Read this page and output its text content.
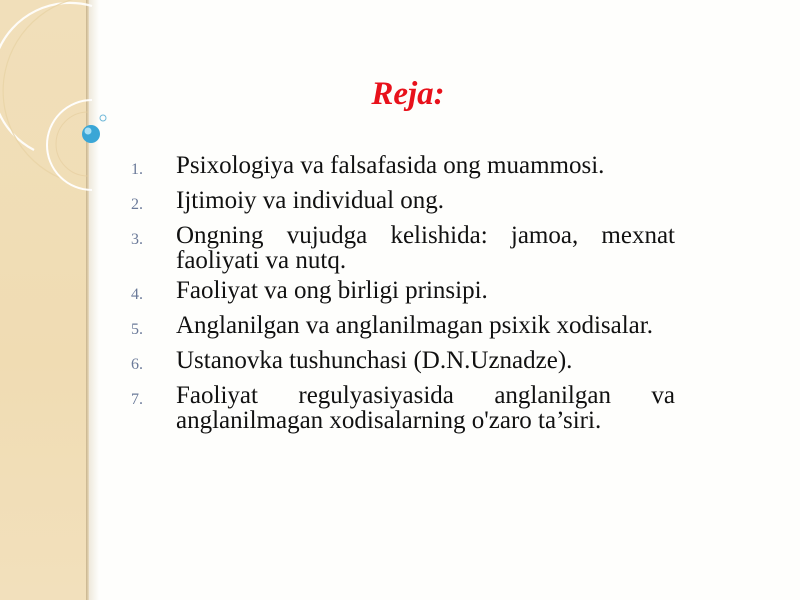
Reja:
1.	Psixologiya va falsafasida ong muammosi.
2.	Ijtimoiy va individual ong.
3.	Ongning vujudga kelishida: jamoa, mexnat faoliyati va nutq.
4.	Faoliyat va ong birligi prinsipi.
5.	Anglanilgan va anglanilmagan psixik xodisalar.
6.	Ustanovka tushunchasi (D.N.Uznadze).
7.	Faoliyat regulyasiyasida anglanilgan va anglanilmagan xodisalarning o'zaro ta’siri.
